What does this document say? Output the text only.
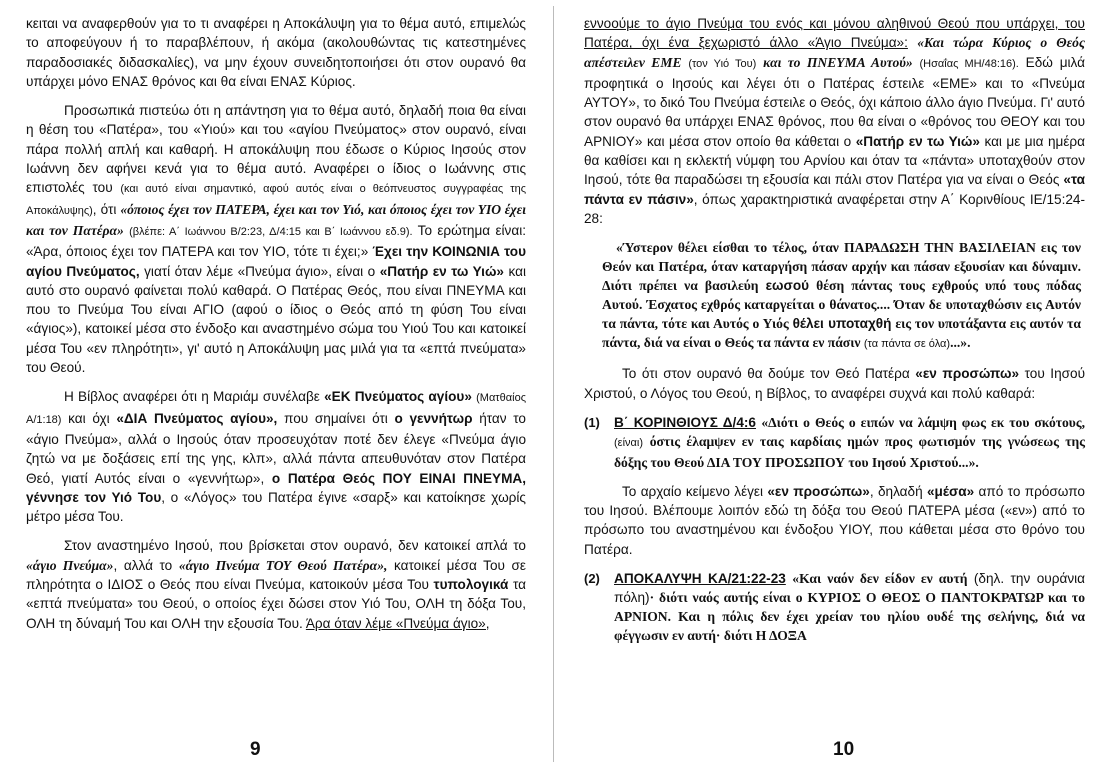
κειται να αναφερθούν για το τι αναφέρει η Αποκάλυψη για το θέμα αυτό, επιμελώς το αποφεύγουν ή το παραβλέπουν, ή ακόμα (ακολουθώντας τις κατεστημένες παραδοσιακές διδασκαλίες), να μην έχουν συνειδητοποιήσει ότι στον ουρανό θα υπάρχει μόνο ΕΝΑΣ θρόνος και θα είναι ΕΝΑΣ Κύριος.

Προσωπικά πιστεύω ότι η απάντηση για το θέμα αυτό, δηλαδή ποια θα είναι η θέση του «Πατέρα», του «Υιού» και του «αγίου Πνεύματος» στον ουρανό, είναι πάρα πολλή απλή και καθαρή. Η αποκάλυψη που έδωσε ο Κύριος Ιησούς στον Ιωάννη δεν αφήνει κενά για το θέμα αυτό. Αναφέρει ο ίδιος ο Ιωάννης στις επιστολές του (και αυτό είναι σημαντικό, αφού αυτός είναι ο θεόπνευστος συγγραφέας της Αποκάλυψης), ότι «όποιος έχει τον ΠΑΤΕΡΑ, έχει και τον Υιό, και όποιος έχει τον ΥΙΟ έχει και τον Πατέρα» (βλέπε: Α΄ Ιωάννου Β/2:23, Δ/4:15 και Β΄ Ιωάννου εδ.9). Το ερώτημα είναι: «Άρα, όποιος έχει τον ΠΑΤΕΡΑ και τον ΥΙΟ, τότε τι έχει;» Έχει την ΚΟΙΝΩΝΙΑ του αγίου Πνεύματος, γιατί όταν λέμε «Πνεύμα άγιο», είναι ο «Πατήρ εν τω Υιώ» και αυτό στο ουρανό φαίνεται πολύ καθαρά. Ο Πατέρας Θεός, που είναι ΠΝΕΥΜΑ και που το Πνεύμα Του είναι ΑΓΙΟ (αφού ο ίδιος ο Θεός από τη φύση Του είναι «άγιος»), κατοικεί μέσα στο ένδοξο και αναστημένο σώμα του Υιού Του και κατοικεί μέσα Του «εν πληρότητι», γι' αυτό η Αποκάλυψη μας μιλά για τα «επτά πνεύματα» του Θεού.

Η Βίβλος αναφέρει ότι η Μαριάμ συνέλαβε «ΕΚ Πνεύματος αγίου» (Ματθαίος Α/1:18) και όχι «ΔΙΑ Πνεύματος αγίου», που σημαίνει ότι ο γεννήτωρ ήταν το «άγιο Πνεύμα», αλλά ο Ιησούς όταν προσευχόταν ποτέ δεν έλεγε «Πνεύμα άγιο ζητώ να με δοξάσεις επί της γης, κλπ», αλλά πάντα απευθυνόταν στον Πατέρα Θεό, γιατί Αυτός είναι ο «γεννήτωρ», ο Πατέρα Θεός ΠΟΥ ΕΙΝΑΙ ΠΝΕΥΜΑ, γέννησε τον Υιό Του, ο «Λόγος» του Πατέρα έγινε «σαρξ» και κατοίκησε χωρίς μέτρο μέσα Του.

Στον αναστημένο Ιησού, που βρίσκεται στον ουρανό, δεν κατοικεί απλά το «άγιο Πνεύμα», αλλά το «άγιο Πνεύμα ΤΟΥ Θεού Πατέρα», κατοικεί μέσα Του σε πληρότητα ο ΙΔΙΟΣ ο Θεός που είναι Πνεύμα, κατοικούν μέσα Του τυπολογικά τα «επτά πνεύματα» του Θεού, ο οποίος έχει δώσει στον Υιό Του, ΟΛΗ τη δόξα Του, ΟΛΗ τη δύναμή Του και ΟΛΗ την εξουσία Του. Άρα όταν λέμε «Πνεύμα άγιο»,

9

εννοούμε το άγιο Πνεύμα του ενός και μόνου αληθινού Θεού που υπάρχει, του Πατέρα, όχι ένα ξεχωριστό άλλο «Άγιο Πνεύμα»: «Και τώρα Κύριος ο Θεός απέστειλεν ΕΜΕ (τον Υιό Του) και το ΠΝΕΥΜΑ Αυτού» (Ησαΐας ΜΗ/48:16). Εδώ μιλά προφητικά ο Ιησούς και λέγει ότι ο Πατέρας έστειλε «ΕΜΕ» και το «Πνεύμα ΑΥΤΟΥ», το δικό Του Πνεύμα έστειλε ο Θεός, όχι κάποιο άλλο άγιο Πνεύμα. Γι' αυτό στον ουρανό θα υπάρχει ΕΝΑΣ θρόνος, που θα είναι ο «θρόνος του ΘΕΟΥ και του ΑΡΝΙΟΥ» και μέσα στον οποίο θα κάθεται ο «Πατήρ εν τω Υιώ» και με μια ημέρα θα καθίσει και η εκλεκτή νύμφη του Αρνίου και όταν τα «πάντα» υποταχθούν στον Ιησού, τότε θα παραδώσει τη εξουσία και πάλι στον Πατέρα για να είναι ο Θεός «τα πάντα εν πάσιν», όπως χαρακτηριστικά αναφέρεται στην Α΄ Κορινθίους ΙΕ/15:24-28:

«Ύστερον θέλει είσθαι το τέλος, όταν ΠΑΡΑΔΩΣΗ ΤΗΝ ΒΑΣΙΛΕΙΑΝ εις τον Θεόν και Πατέρα, όταν καταργήση πάσαν αρχήν και πάσαν εξουσίαν και δύναμιν. Διότι πρέπει να βασιλεύη εωσού θέση πάντας τους εχθρούς υπό τους πόδας Αυτού. Έσχατος εχθρός καταργείται ο θάνατος.... Όταν δε υποταχθώσιν εις Αυτόν τα πάντα, τότε και Αυτός ο Υιός θέλει υποταχθή εις τον υποτάξαντα εις αυτόν τα πάντα, διά να είναι ο Θεός τα πάντα εν πάσιν (τα πάντα σε όλα)...».

Το ότι στον ουρανό θα δούμε τον Θεό Πατέρα «εν προσώπω» του Ιησού Χριστού, ο Λόγος του Θεού, η Βίβλος, το αναφέρει συχνά και πολύ καθαρά:

(1)	Β΄ ΚΟΡΙΝΘΙΟΥΣ Δ/4:6 «Διότι ο Θεός ο ειπών να λάμψη φως εκ του σκότους, (είναι) όστις έλαμψεν εν ταις καρδίαις ημών προς φωτισμόν της γνώσεως της δόξης του Θεού ΔΙΑ ΤΟΥ ΠΡΟΣΩΠΟΥ του Ιησού Χριστού...».

Το αρχαίο κείμενο λέγει «εν προσώπω», δηλαδή «μέσα» από το πρόσωπο του Ιησού. Βλέπουμε λοιπόν εδώ τη δόξα του Θεού ΠΑΤΕΡΑ μέσα («εν») από το πρόσωπο του αναστημένου και ένδοξου ΥΙΟΥ, που κάθεται μέσα στο θρόνο του Πατέρα.

(2)	ΑΠΟΚΑΛΥΨΗ ΚΑ/21:22-23 «Και ναόν δεν είδον εν αυτή (δηλ. την ουράνια πόλη)· διότι ναός αυτής είναι ο ΚΥΡΙΟΣ Ο ΘΕΟΣ Ο ΠΑΝΤΟΚΡΑΤΩΡ και το ΑΡΝΙΟΝ. Και η πόλις δεν έχει χρείαν του ηλίου ουδέ της σελήνης, διά να φέγγωσιν εν αυτή· διότι Η ΔΟΞΑ
10
